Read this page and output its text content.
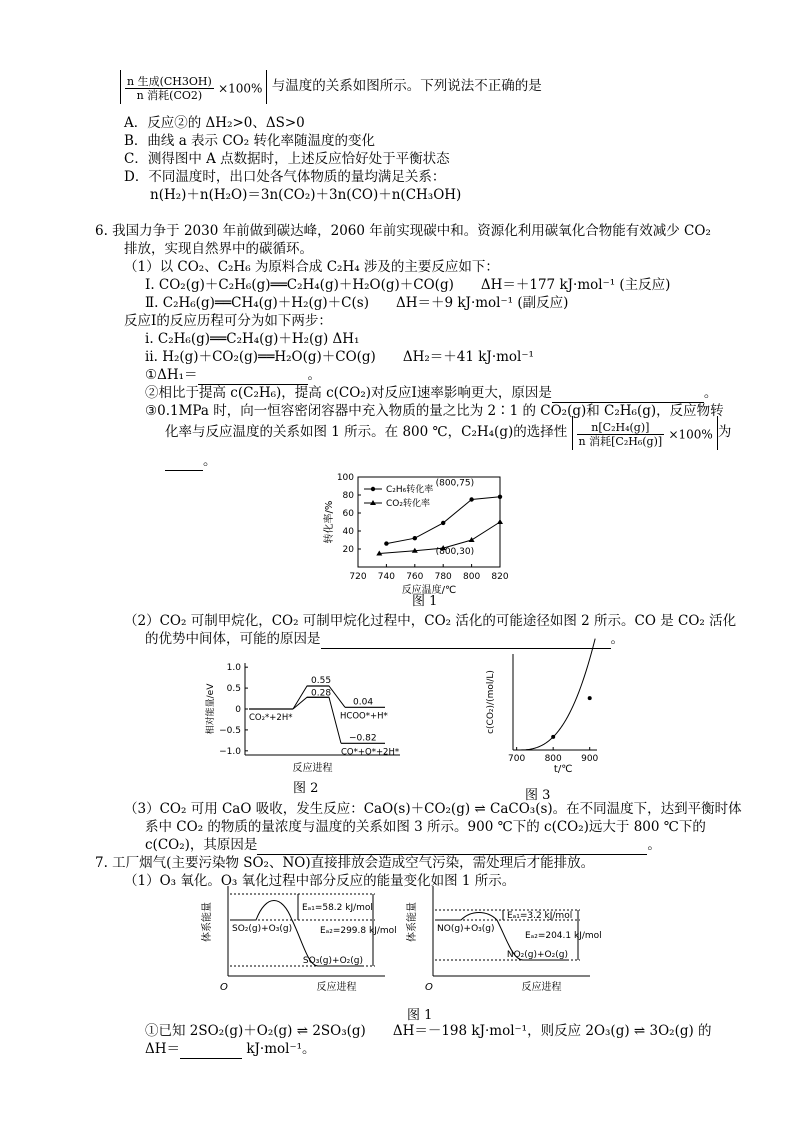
$\frac{\text{n 生成(CH3OH)}}{\text{n 消耗(CO2)}} \times 100\%$ 与温度的关系如图所示。下列说法不正确的是
A．反应②的 ΔH₂>0、ΔS>0
B．曲线 a 表示 CO₂ 转化率随温度的变化
C．测得图中 A 点数据时，上述反应恰好处于平衡状态
D．不同温度时，出口处各气体物质的量均满足关系：
n(H₂)＋n(H₂O)＝3n(CO₂)＋3n(CO)＋n(CH₃OH)
6. 我国力争于 2030 年前做到碳达峰，2060 年前实现碳中和。资源化利用碳氧化合物能有效减少 CO₂
排放，实现自然界中的碳循环。
（1）以 CO₂、C₂H₆ 为原料合成 C₂H₄ 涉及的主要反应如下：
Ⅰ. CO₂(g)＋C₂H₆(g)══C₂H₄(g)＋H₂O(g)＋CO(g)　　ΔH＝＋177 kJ·mol⁻¹ (主反应)
Ⅱ. C₂H₆(g)══CH₄(g)＋H₂(g)＋C(s)　　ΔH＝＋9 kJ·mol⁻¹ (副反应)
反应Ⅰ的反应历程可分为如下两步：
ⅰ. C₂H₆(g)══C₂H₄(g)＋H₂(g) ΔH₁
ⅱ. H₂(g)＋CO₂(g)══H₂O(g)＋CO(g)　　ΔH₂＝＋41 kJ·mol⁻¹
①ΔH₁＝	。
②相比于提高 c(C₂H₆)，提高 c(CO₂)对反应Ⅰ速率影响更大，原因是	。
③0.1MPa 时，向一恒容密闭容器中充入物质的量之比为 2∶1 的 CO₂(g)和 C₂H₆(g)，反应物转
化率与反应温度的关系如图 1 所示。在 800 ℃，C₂H₄(g)的选择性 $\frac{\text{n[C₂H₄(g)]}}{\text{n 消耗[C₂H₆(g)]}} \times 100\%$ 为
。
720 740 760 780 800 820
20
40
60
80
100
反应温度/℃
转化率/%
C₂H₆转化率
CO₂转化率
(800,75)
(800,30)
图 1
（2）CO₂ 可制甲烷化，CO₂ 可制甲烷化过程中，CO₂ 活化的可能途径如图 2 所示。CO 是 CO₂ 活化
的优势中间体，可能的原因是	。
1.0
0.5
0
−0.5
−1.0
相对能量/eV
反应进程
0.55
0.28
0.04
−0.82
CO₂*+2H*	HCOO*+H*
CO*+O*+2H*
图 2
c(CO₂)/(mol/L)
700 800 900
t/℃
图 3
（3）CO₂ 可用 CaO 吸收，发生反应：CaO(s)＋CO₂(g) ⇌ CaCO₃(s)。在不同温度下，达到平衡时体
系中 CO₂ 的物质的量浓度与温度的关系如图 3 所示。900 ℃下的 c(CO₂)远大于 800 ℃下的
c(CO₂)，其原因是	。
7. 工厂烟气(主要污染物 SO₂、NO)直接排放会造成空气污染，需处理后才能排放。
（1）O₃ 氧化。O₃ 氧化过程中部分反应的能量变化如图 1 所示。
体系能量
O	反应进程
Eₐ₁=58.2 kJ/mol
Eₐ₂=299.8 kJ/mol
SO₂(g)+O₃(g)
SO₃(g)+O₂(g)
体系能量
O	反应进程
Eₐ₁=3.2 kJ/mol
Eₐ₂=204.1 kJ/mol
NO(g)+O₃(g)
NO₂(g)+O₂(g)
图 1
①已知 2SO₂(g)＋O₂(g) ⇌ 2SO₃(g)　　ΔH＝－198 kJ·mol⁻¹，则反应 2O₃(g) ⇌ 3O₂(g) 的
ΔH＝	kJ·mol⁻¹。
